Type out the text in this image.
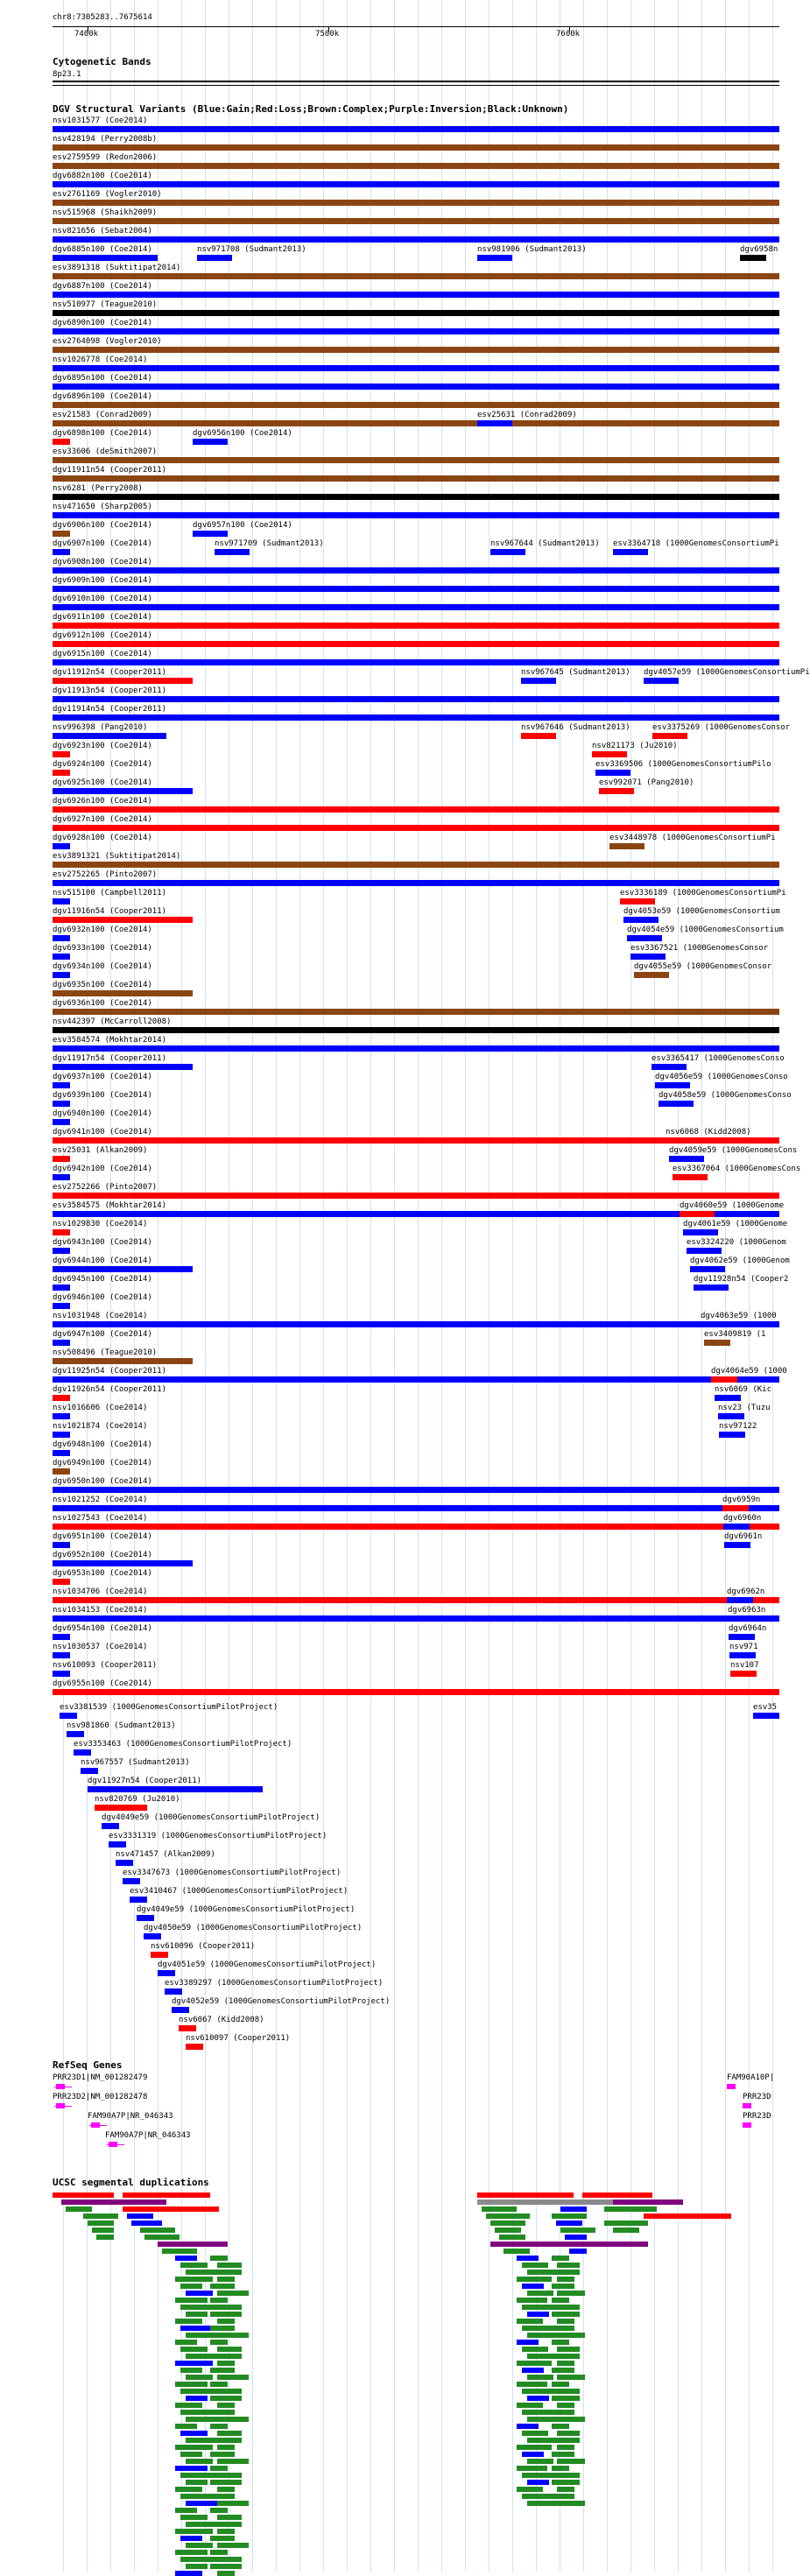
chr8:7305283..7675614
7400k	7500k	7600k
Cytogenetic Bands
8p23.1
DGV Structural Variants (Blue:Gain;Red:Loss;Brown:Complex;Purple:Inversion;Black:Unknown)
RefSeq Genes
UCSC segmental duplications
nsv1031577 (Coe2014)
nsv428194 (Perry2008b)
esv2759599 (Redon2006)
dgv6882n100 (Coe2014)
esv2761169 (Vogler2010)
nsv515968 (Shaikh2009)
nsv821656 (Sebat2004)
dgv6885n100 (Coe2014)	nsv971708 (Sudmant2013)	nsv981906 (Sudmant2013)	dgv6958n
esv3891318 (Suktitipat2014)
dgv6887n100 (Coe2014)
nsv510977 (Teague2010)
dgv6890n100 (Coe2014)
esv2764098 (Vogler2010)
nsv1026778 (Coe2014)
dgv6895n100 (Coe2014)
dgv6896n100 (Coe2014)
esv21583 (Conrad2009)	esv25631 (Conrad2009)
dgv6898n100 (Coe2014)	dgv6956n100 (Coe2014)
esv33606 (deSmith2007)
dgv11911n54 (Cooper2011)
nsv6281 (Perry2008)
nsv471650 (Sharp2005)
dgv6906n100 (Coe2014)	dgv6957n100 (Coe2014)
dgv6907n100 (Coe2014)	nsv971709 (Sudmant2013)	nsv967644 (Sudmant2013) esv3364718 (1000GenomesConsortiumPi
dgv6908n100 (Coe2014)
dgv6909n100 (Coe2014)
dgv6910n100 (Coe2014)
dgv6911n100 (Coe2014)
dgv6912n100 (Coe2014)
dgv6915n100 (Coe2014)
dgv11912n54 (Cooper2011)	nsv967645 (Sudmant2013) dgv4057e59 (1000GenomesConsortiumPi
dgv11913n54 (Cooper2011)
dgv11914n54 (Cooper2011)
nsv996398 (Pang2010)	nsv967646 (Sudmant2013)	esv3375269 (1000GenomesConsor
dgv6923n100 (Coe2014)	nsv821173 (Ju2010)
dgv6924n100 (Coe2014)	esv3369506 (1000GenomesConsortiumPilo
dgv6925n100 (Coe2014)	esv992071 (Pang2010)
dgv6926n100 (Coe2014)
dgv6927n100 (Coe2014)
dgv6928n100 (Coe2014)	esv3448978 (1000GenomesConsortiumPi
esv3891321 (Suktitipat2014)
esv2752265 (Pinto2007)
nsv515100 (Campbell2011)	esv3336189 (1000GenomesConsortiumPi
dgv11916n54 (Cooper2011)	dgv4053e59 (1000GenomesConsortium
dgv6932n100 (Coe2014)	dgv4054e59 (1000GenomesConsortium
dgv6933n100 (Coe2014)	esv3367521 (1000GenomesConsor
dgv6934n100 (Coe2014)	dgv4055e59 (1000GenomesConsor
dgv6935n100 (Coe2014)
dgv6936n100 (Coe2014)
nsv442397 (McCarroll2008)
esv3584574 (Mokhtar2014)
dgv11917n54 (Cooper2011)	esv3365417 (1000GenomesConso
dgv6937n100 (Coe2014)	dgv4056e59 (1000GenomesConso
dgv6939n100 (Coe2014)	dgv4058e59 (1000GenomesConso
dgv6940n100 (Coe2014)
dgv6941n100 (Coe2014)	nsv6068 (Kidd2008)
esv25031 (Alkan2009)	dgv4059e59 (1000GenomesCons
dgv6942n100 (Coe2014)	esv3367064 (1000GenomesCons
esv2752266 (Pinto2007)
esv3584575 (Mokhtar2014)	dgv4060e59 (1000Genome
nsv1029830 (Coe2014)	dgv4061e59 (1000Genome
dgv6943n100 (Coe2014)	esv3324220 (1000Genom
dgv6944n100 (Coe2014)	dgv4062e59 (1000Genom
dgv6945n100 (Coe2014)	dgv11928n54 (Cooper2
dgv6946n100 (Coe2014)
nsv1031948 (Coe2014)	dgv4063e59 (1000
dgv6947n100 (Coe2014)	esv3409819 (1
nsv508496 (Teague2010)
dgv11925n54 (Cooper2011)	dgv4064e59 (1000
dgv11926n54 (Cooper2011)	nsv6069 (Kic
nsv1016606 (Coe2014)	nsv23 (Tuzu
nsv1021874 (Coe2014)	nsv97122
dgv6948n100 (Coe2014)
dgv6949n100 (Coe2014)
dgv6950n100 (Coe2014)
nsv1021252 (Coe2014)	dgv6959n
nsv1027543 (Coe2014)	dgv6960n
dgv6951n100 (Coe2014)	dgv6961n
dgv6952n100 (Coe2014)
dgv6953n100 (Coe2014)
nsv1034706 (Coe2014)	dgv6962n
nsv1034153 (Coe2014)	dgv6963n
dgv6954n100 (Coe2014)	dgv6964n
nsv1030537 (Coe2014)	nsv971
nsv610093 (Cooper2011)	nsv107
dgv6955n100 (Coe2014)
esv3381539 (1000GenomesConsortiumPilotProject)
nsv981860 (Sudmant2013)
esv3353463 (1000GenomesConsortiumPilotProject)
nsv967557 (Sudmant2013)
dgv11927n54 (Cooper2011)
nsv820769 (Ju2010)
dgv4049e59 (1000GenomesConsortiumPilotProject)
esv3331319 (1000GenomesConsortiumPilotProject)
nsv471457 (Alkan2009)
esv3347673 (1000GenomesConsortiumPilotProject)
esv3410467 (1000GenomesConsortiumPilotProject)
dgv4049e59 (1000GenomesConsortiumPilotProject)
dgv4050e59 (1000GenomesConsortiumPilotProject)
nsv610096 (Cooper2011)
dgv4051e59 (1000GenomesConsortiumPilotProject)
esv3389297 (1000GenomesConsortiumPilotProject)
dgv4052e59 (1000GenomesConsortiumPilotProject)
nsv6067 (Kidd2008)
nsv610097 (Cooper2011)
esv35
PRR23D1|NM_001282479
PRR23D2|NM_001282478
FAM90A7P|NR_046343
FAM90A7P|NR_046343
FAM90A10P|
PRR23D
PRR23D
